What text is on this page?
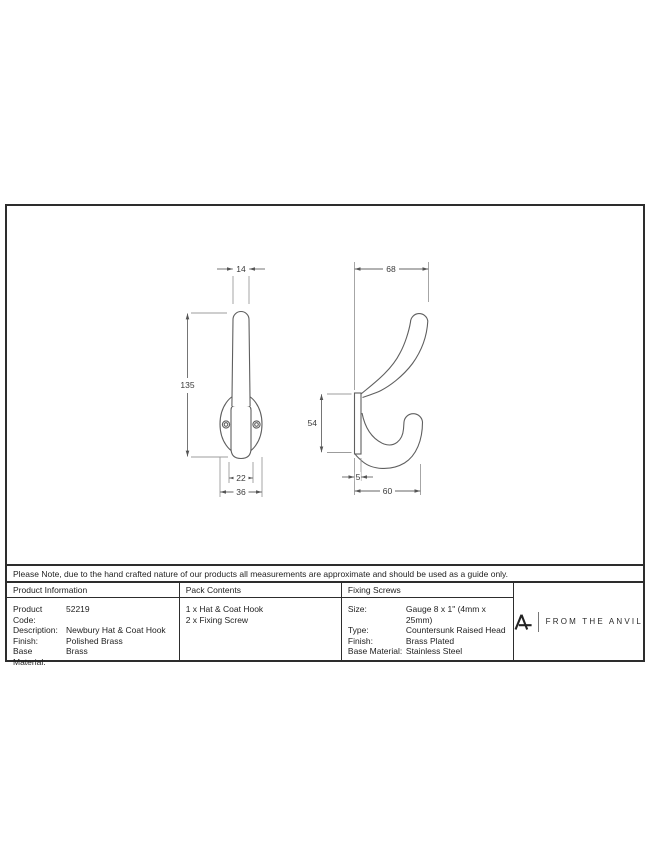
14
135
22
36
68
54
5
60
Please Note, due to the hand crafted nature of our products all measurements are approximate and should be used as a guide only.
Product Information
Product Code:
52219
Description: Newbury Hat & Coat Hook
Finish:	Polished Brass
Base Material:
Brass
Pack Contents
1 x Hat & Coat Hook
2 x Fixing Screw
Fixing Screws
Size:	Gauge 8 x 1" (4mm x 25mm)
Type:	Countersunk Raised Head
Finish:	Brass Plated
Base Material: Stainless Steel
FROM THE ANVIL
